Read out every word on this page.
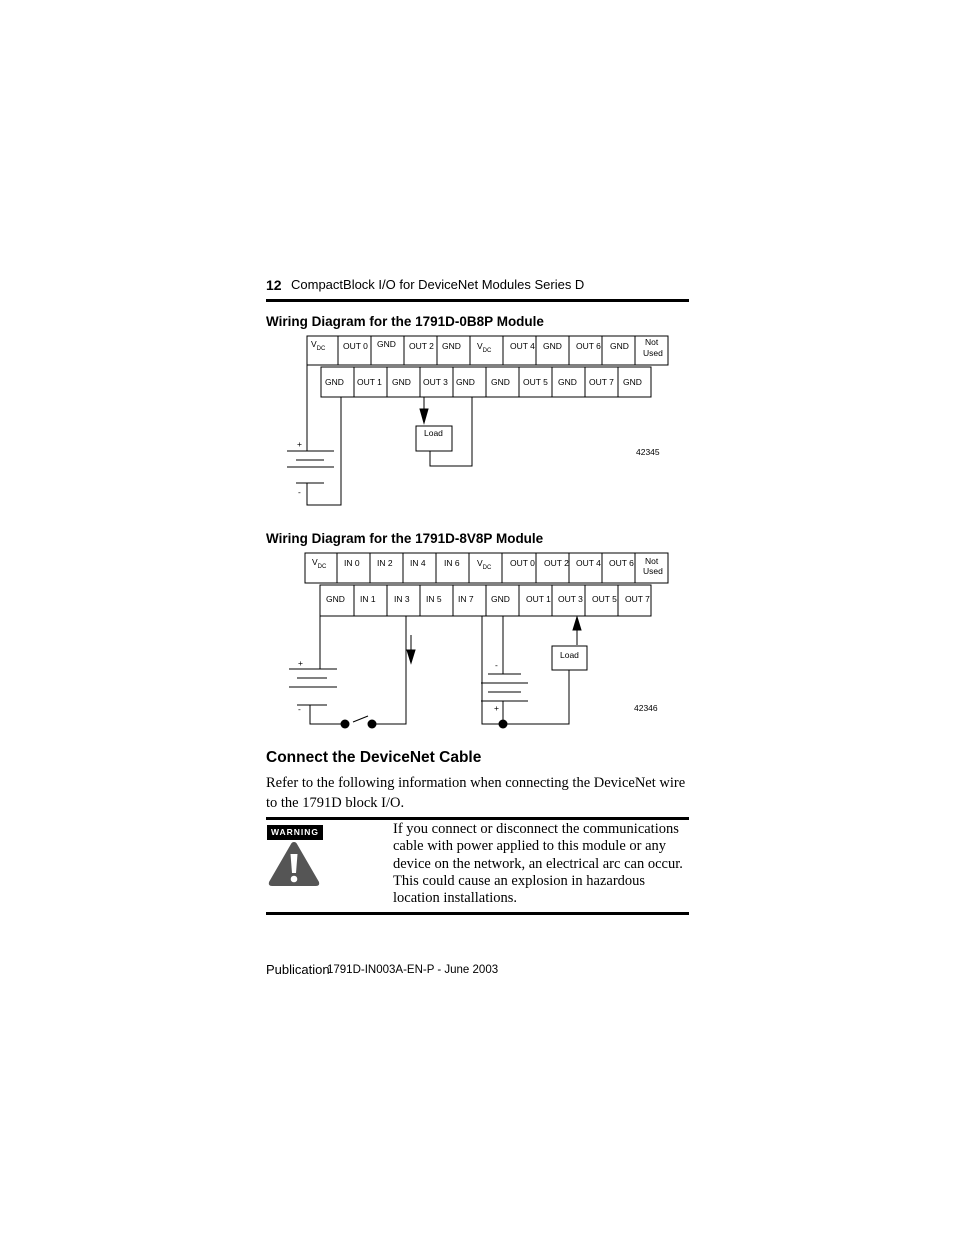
12 CompactBlock I/O for DeviceNet Modules Series D
Wiring Diagram for the 1791D-0B8P Module
$V_{DC}$ OUT 0 GND OUT 2 GND $V_{DC}$ OUT 4 GND OUT 6 GND Not
Used
GND OUT 1 GND OUT 3 GND GND OUT 5 GND OUT 7 GND
+
-
Load
42345
Wiring Diagram for the 1791D-8V8P Module
$V_{DC}$ IN 0 IN 2 IN 4 IN 6 $V_{DC}$ OUT 0 OUT 2 OUT 4 OUT 6 Not
Used
GND IN 1 IN 3 IN 5 IN 7 GND OUT 1 OUT 3 OUT 5 OUT 7
+
-
-
+
Load
42346
Connect the DeviceNet Cable
Refer to the following information when connecting the DeviceNet wire to the 1791D block I/O.
WARNING	If you connect or disconnect the communications cable with power applied to this module or any device on the network, an electrical arc can occur. This could cause an explosion in hazardous location installations.
Publication
1791D-IN003A-EN-P - June 2003
